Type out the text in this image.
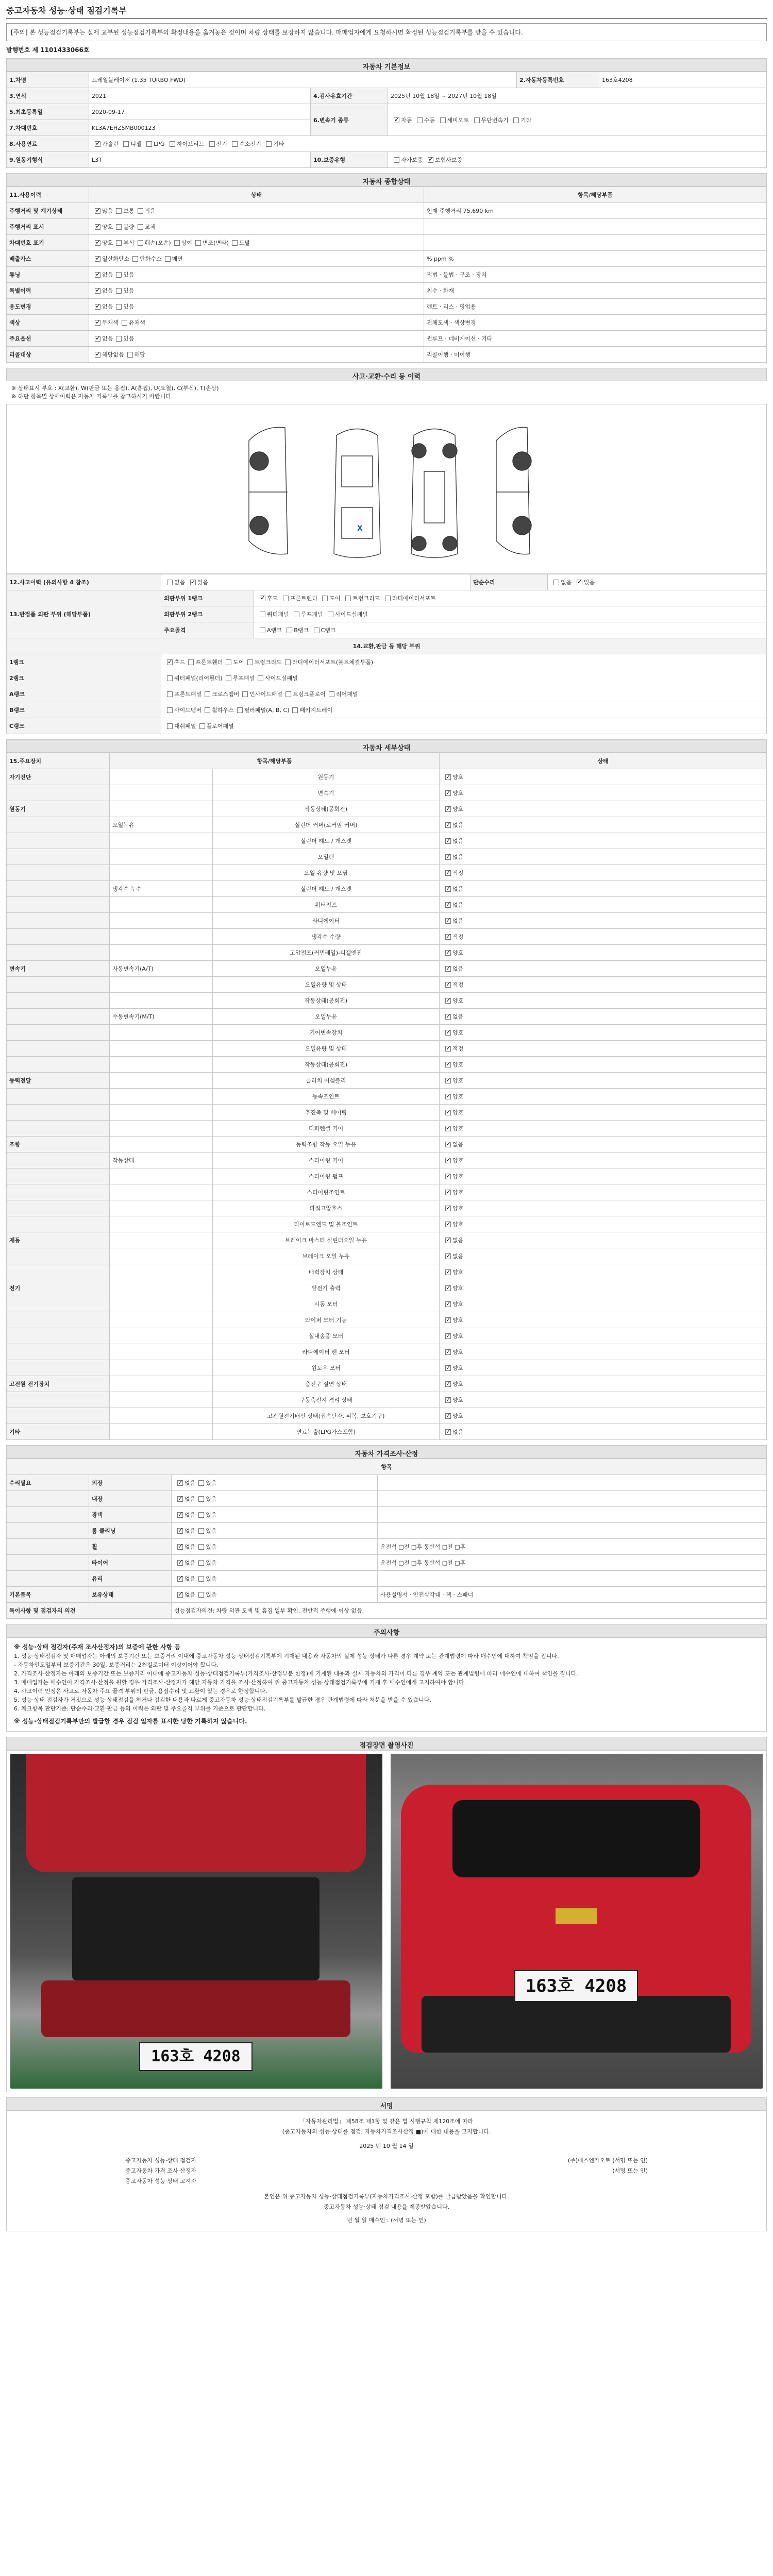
중고자동차 성능·상태 점검기록부
[주의] 본 성능점검기록부는 실제 교부된 성능점검기록부의 확정내용을 옮겨놓은 것이며 차량 상태를 보장하지 않습니다. 매매업자에게 요청하시면 확정된 성능점검기록부를 받을 수 있습니다.
발행번호 제 1101433066호
자동차 기본정보
1.차명	트레일블레이저 (1.35 TURBO FWD)			2.자동차등록번호	163호4208
3.연식	2021	4.검사유효기간	2025년 10월 18일 ~ 2027년 10월 18일		
5.최초등록일	2020-09-17	6.변속기 종류	✓자동 수동 세미오토 무단변속기 기타
7.차대번호	KL3A7EHZ5MB000123				
8.사용연료	✓가솔린 디젤 LPG 하이브리드 전기 수소전기 기타
9.원동기형식	L3T	10.보증유형	자가보증 ✓ 보험사보증
자동차 종합상태
11.사용이력	상태	항목/해당부품
주행거리 및 계기상태	✓많음 보통 적음	현재 주행거리 75,690 km
주행거리 표시	✓양호 불량 교체	
차대번호 표기	✓양호 부식 훼손(오손) 상이 변조(변타) 도말	
배출가스	✓일산화탄소 탄화수소 매연	% ppm %
튜닝	✓없음 있음	적법 · 불법 · 구조 · 장치
특별이력	✓없음 있음	침수 · 화재
용도변경	✓없음 있음	렌트 · 리스 · 영업용
색상	✓무채색 유채색	전체도색 · 색상변경
주요옵션	✓없음 있음	썬루프 · 네비게이션 · 기타
리콜대상	✓해당없음 해당	리콜이행 · 미이행
사고·교환·수리 등 이력
※ 상태표시 부호 : X(교환), W(판금 또는 용접), A(흠집), U(요철), C(부식), T(손상)
※ 하단 항목별 상세이력은 자동차 기록부를 참고하시기 바랍니다.
X
12.사고이력 (유의사항 4 참조)	없음 ✓ 있음		단순수리	없음 ✓ 있음
13.반정품 외판 부위 (해당부품)	외판부위 1랭크	✓후드 프론트펜더 도어 트렁크리드 라디에이터서포트
	외판부위 2랭크	쿼터패널 루프패널 사이드실패널		
	주요골격	A랭크 B랭크 C랭크		
14.교환,판금 등 해당 부위				
1랭크	✓후드 프론트휀더 도어 트렁크리드 라디에이터서포트(볼트체결부품)
2랭크	쿼터패널(리어휀더) 루프패널 사이드실패널			
A랭크	프론트패널 크로스멤버 인사이드패널 트렁크플로어 리어패널			
B랭크	사이드멤버 휠하우스 필러패널(A, B, C) 패키지트레이			
C랭크	대쉬패널 플로어패널			
자동차 세부상태
15.주요장치	항목/해당부품		상태
자기진단		원동기	✓양호
		변속기	✓양호
원동기		작동상태(공회전)	✓양호
	오일누유	실린더 커버(로커암 커버)	✓없음
		실린더 헤드 / 개스켓	✓없음
		오일팬	✓없음
		오일 유량 및 오염	✓적정
	냉각수 누수	실린더 헤드 / 개스켓	✓없음
		워터펌프	✓없음
		라디에이터	✓없음
		냉각수 수량	✓적정
		고압펌프(커먼레일)-디젤엔진	✓양호
변속기	자동변속기(A/T)	오일누유	✓없음
		오일유량 및 상태	✓적정
		작동상태(공회전)	✓양호
	수동변속기(M/T)	오일누유	✓없음
		기어변속장치	✓양호
		오일유량 및 상태	✓적정
		작동상태(공회전)	✓양호
동력전달		클러치 어셈블리	✓양호
		등속조인트	✓양호
		추진축 및 베어링	✓양호
		디퍼렌셜 기어	✓양호
조향		동력조향 작동 오일 누유	✓없음
	작동상태	스티어링 기어	✓양호
		스티어링 펌프	✓양호
		스티어링조인트	✓양호
		파워고압호스	✓양호
		타이로드엔드 및 볼조인트	✓양호
제동		브레이크 마스터 실린더오일 누유	✓없음
		브레이크 오일 누유	✓없음
		배력장치 상태	✓양호
전기		발전기 출력	✓양호
		시동 모터	✓양호
		와이퍼 모터 기능	✓양호
		실내송풍 모터	✓양호
		라디에이터 팬 모터	✓양호
		윈도우 모터	✓양호
고전원 전기장치		충전구 절연 상태	✓양호
		구동축전지 격리 상태	✓양호
		고전원전기배선 상태(접속단자, 피복, 보호기구)	✓양호
기타		연료누출(LPG가스포함)	✓없음
자동차 가격조사·산정
항목			
수리필요	외장	✓없음 있음	
	내장	✓없음 있음	
	광택	✓없음 있음	
	룸 클리닝	✓없음 있음	
	휠	✓없음 있음	운전석 □전 □후 동반석 □전 □후
	타이어	✓없음 있음	운전석 □전 □후 동반석 □전 □후
	유리	✓없음 있음	
기본품목	보유상태	✓없음 있음	사용설명서 · 안전삼각대 · 잭 · 스패너
특이사항 및 점검자의 의견		성능점검자의견: 차량 외관 도색 및 흠집 일부 확인. 전반적 주행에 이상 없음.	
주의사항
※ 성능·상태 점검자(주재 조사산정자)의 보증에 관한 사항 등
1. 성능·상태점검자 및 매매업자는 아래의 보증기간 또는 보증거리 이내에 중고자동차 성능·상태점검기록부에 기재된 내용과 자동차의 실제 성능·상태가 다른 경우 계약 또는 관계법령에 따라 매수인에 대하여 책임을 집니다.
- 자동차인도일부터 보증기간은 30일, 보증거리는 2천킬로미터 이상이어야 합니다.
2. 가격조사·산정자는 아래의 보증기간 또는 보증거리 이내에 중고자동차 성능·상태점검기록부(가격조사·산정부분 한정)에 기재된 내용과 실제 자동차의 가격이 다른 경우 계약 또는 관계법령에 따라 매수인에 대하여 책임을 집니다.
3. 매매업자는 매수인이 가격조사·산정을 원할 경우 가격조사·산정자가 해당 자동차 가격을 조사·산정하여 위 중고자동차 성능·상태점검기록부에 기재 후 매수인에게 고지하여야 합니다.
4. 사고이력 인정은 사고로 자동차 주요 골격 부위의 판금, 용접수리 및 교환이 있는 경우로 한정합니다.
5. 성능·상태 점검자가 거짓으로 성능·상태점검을 하거나 점검한 내용과 다르게 중고자동차 성능·상태점검기록부를 발급한 경우 관계법령에 따라 처분을 받을 수 있습니다.
6. 체크항목 판단기준: 단순수리·교환·판금 등의 이력은 외판 및 주요골격 부위를 기준으로 판단합니다.
※ 성능·상태점검기록부만의 발급할 경우 점검 일자를 표시한 당한 기록하지 않습니다.
점검장면 촬영사진
163호 4208
163호 4208
서명
「자동차관리법」 제58조 제1항 및 같은 법 시행규칙 제120조에 따라
(중고자동차의 성능·상태를 점검, 자동차가격조사산정 ■)에 대한 내용을 고지합니다.
2025 년 10 월 14 일
중고자동차 성능·상태 점검자
중고자동차 가격 조사·산정자
중고자동차 성능·상태 고지자
(주)에스엔카오토 (서명 또는 인)
(서명 또는 인)
본인은 위 중고자동차 성능·상태점검기록부(자동차가격조사·산정 포함)를 발급받았음을 확인합니다.
중고자동차 성능·상태 점검 내용을 제공받았습니다.
년 월 일 매수인 : (서명 또는 인)
